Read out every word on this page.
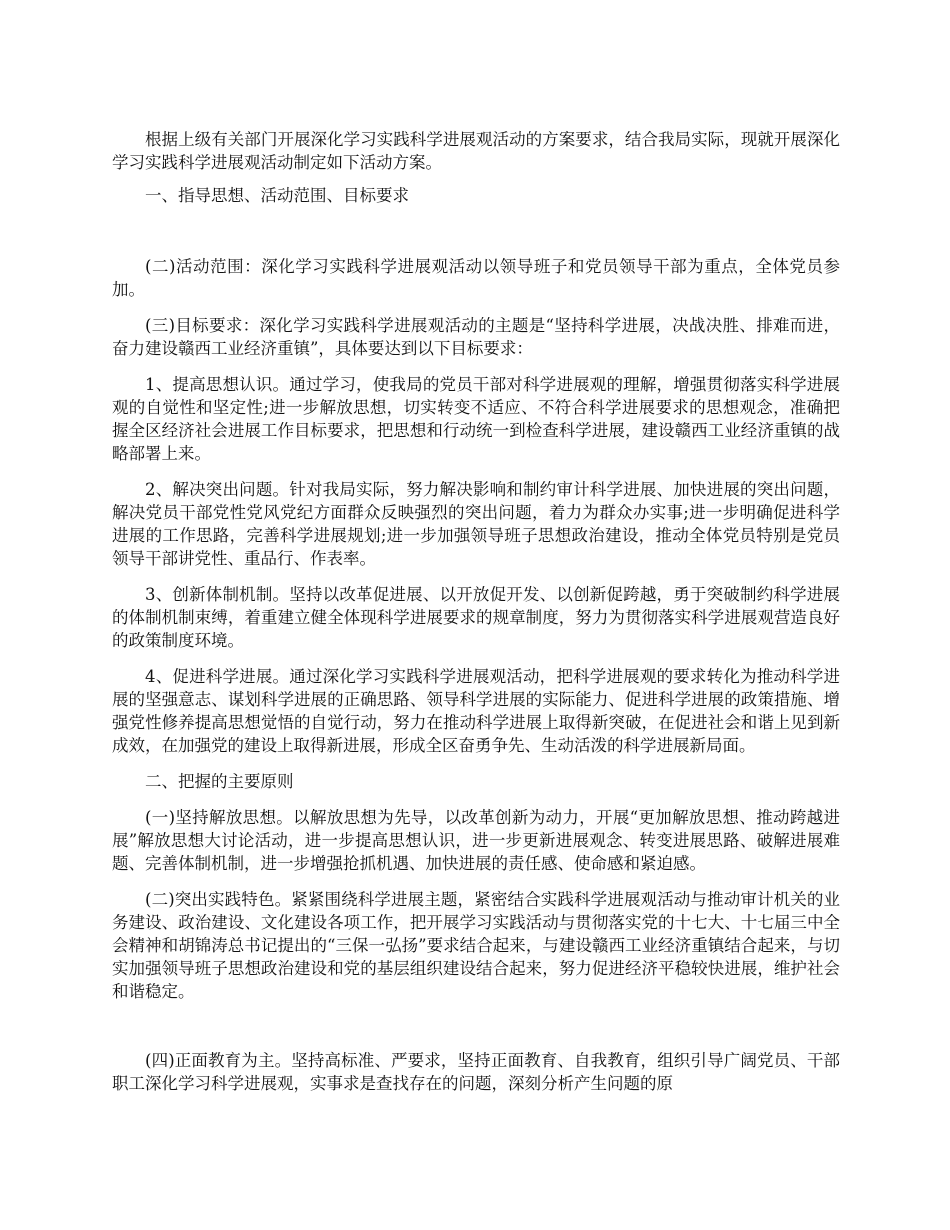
根据上级有关部门开展深化学习实践科学进展观活动的方案要求，结合我局实际，现就开展深化学习实践科学进展观活动制定如下活动方案。

一、指导思想、活动范围、目标要求

(二)活动范围：深化学习实践科学进展观活动以领导班子和党员领导干部为重点，全体党员参加。

(三)目标要求：深化学习实践科学进展观活动的主题是“坚持科学进展，决战决胜、排难而进，奋力建设赣西工业经济重镇”，具体要达到以下目标要求：

1、提高思想认识。通过学习，使我局的党员干部对科学进展观的理解，增强贯彻落实科学进展观的自觉性和坚定性;进一步解放思想，切实转变不适应、不符合科学进展要求的思想观念，准确把握全区经济社会进展工作目标要求，把思想和行动统一到检查科学进展，建设赣西工业经济重镇的战略部署上来。

2、解决突出问题。针对我局实际，努力解决影响和制约审计科学进展、加快进展的突出问题，解决党员干部党性党风党纪方面群众反映强烈的突出问题，着力为群众办实事;进一步明确促进科学进展的工作思路，完善科学进展规划;进一步加强领导班子思想政治建设，推动全体党员特别是党员领导干部讲党性、重品行、作表率。

3、创新体制机制。坚持以改革促进展、以开放促开发、以创新促跨越，勇于突破制约科学进展的体制机制束缚，着重建立健全体现科学进展要求的规章制度，努力为贯彻落实科学进展观营造良好的政策制度环境。

4、促进科学进展。通过深化学习实践科学进展观活动，把科学进展观的要求转化为推动科学进展的坚强意志、谋划科学进展的正确思路、领导科学进展的实际能力、促进科学进展的政策措施、增强党性修养提高思想觉悟的自觉行动，努力在推动科学进展上取得新突破，在促进社会和谐上见到新成效，在加强党的建设上取得新进展，形成全区奋勇争先、生动活泼的科学进展新局面。

二、把握的主要原则

(一)坚持解放思想。以解放思想为先导，以改革创新为动力，开展“更加解放思想、推动跨越进展”解放思想大讨论活动，进一步提高思想认识，进一步更新进展观念、转变进展思路、破解进展难题、完善体制机制，进一步增强抢抓机遇、加快进展的责任感、使命感和紧迫感。

(二)突出实践特色。紧紧围绕科学进展主题，紧密结合实践科学进展观活动与推动审计机关的业务建设、政治建设、文化建设各项工作，把开展学习实践活动与贯彻落实党的十七大、十七届三中全会精神和胡锦涛总书记提出的“三保一弘扬”要求结合起来，与建设赣西工业经济重镇结合起来，与切实加强领导班子思想政治建设和党的基层组织建设结合起来，努力促进经济平稳较快进展，维护社会和谐稳定。

(四)正面教育为主。坚持高标准、严要求，坚持正面教育、自我教育，组织引导广阔党员、干部职工深化学习科学进展观，实事求是查找存在的问题，深刻分析产生问题的原
